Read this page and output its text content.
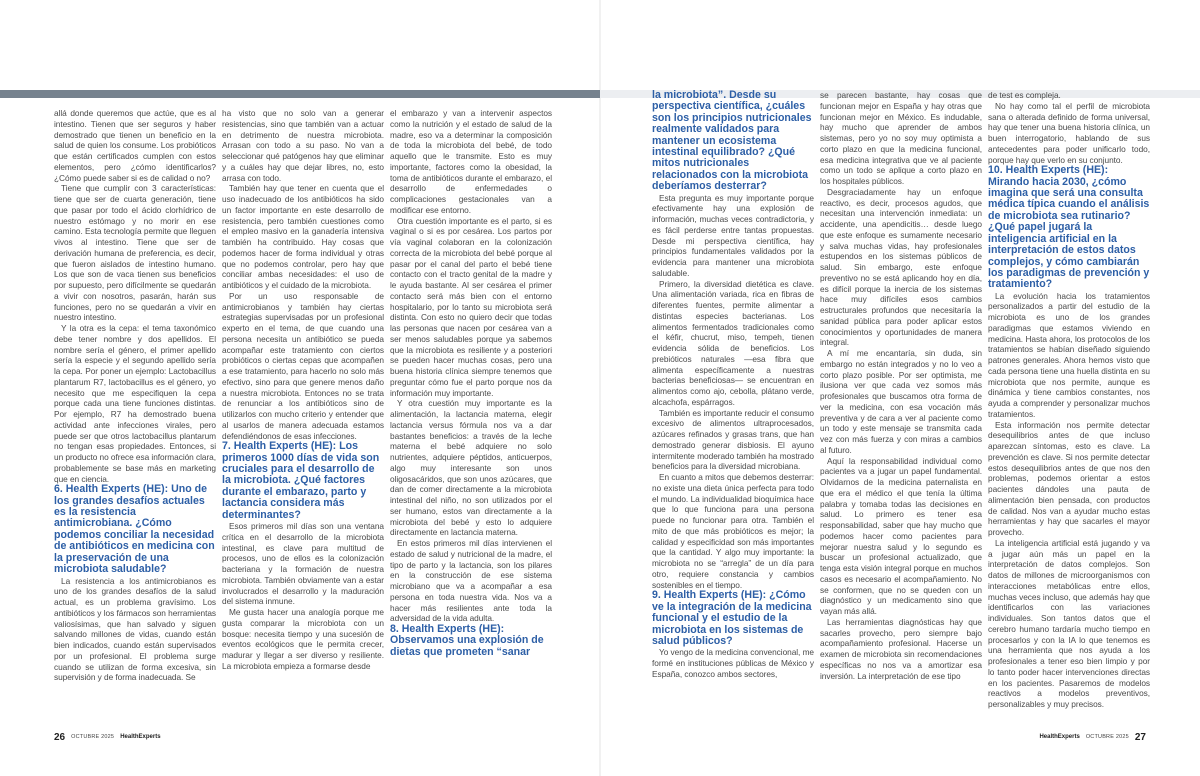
allá donde queremos que actúe, que es al intestino. Tienen que ser seguros y haber demostrado que tienen un beneficio en la salud de quien los consume. Los probióticos que están certificados cumplen con estos elementos, pero ¿cómo identificarlos? ¿Cómo puede saber si es de calidad o no?

Tiene que cumplir con 3 características: tiene que ser de cuarta generación, tiene que pasar por todo el ácido clorhídrico de nuestro estómago y no morir en ese camino. Esta tecnología permite que lleguen vivos al intestino. Tiene que ser de derivación humana de preferencia, es decir, que fueron aislados de intestino humano. Los que son de vaca tienen sus beneficios por supuesto, pero difícilmente se quedarán a vivir con nosotros, pasarán, harán sus funciones, pero no se quedarán a vivir en nuestro intestino.

Y la otra es la cepa: el tema taxonómico debe tener nombre y dos apellidos. El nombre sería el género, el primer apellido sería la especie y el segundo apellido sería la cepa. Por poner un ejemplo: Lactobacillus plantarum R7, lactobacillus es el género, yo necesito que me especifiquen la cepa porque cada una tiene funciones distintas. Por ejemplo, R7 ha demostrado buena actividad ante infecciones virales, pero puede ser que otros lactobacillus plantarum no tengan esas propiedades. Entonces, si un producto no ofrece esa información clara, probablemente se base más en marketing que en ciencia.

6. Health Experts (HE): Uno de los grandes desafíos actuales es la resistencia antimicrobiana. ¿Cómo podemos conciliar la necesidad de antibióticos en medicina con la preservación de una microbiota saludable?

La resistencia a los antimicrobianos es uno de los grandes desafíos de la salud actual, es un problema gravísimo. Los antibióticos y los fármacos son herramientas valiosísimas, que han salvado y siguen salvando millones de vidas, cuando están bien indicados, cuando están supervisados por un profesional. El problema surge cuando se utilizan de forma excesiva, sin supervisión y de forma inadecuada. Se

ha visto que no solo van a generar resistencias, sino que también van a actuar en detrimento de nuestra microbiota. Arrasan con todo a su paso. No van a seleccionar qué patógenos hay que eliminar y a cuáles hay que dejar libres, no, esto arrasa con todo.

También hay que tener en cuenta que el uso inadecuado de los antibióticos ha sido un factor importante en este desarrollo de resistencia, pero también cuestiones como el empleo masivo en la ganadería intensiva también ha contribuido. Hay cosas que podemos hacer de forma individual y otras que no podemos controlar, pero hay que conciliar ambas necesidades: el uso de antibióticos y el cuidado de la microbiota.

Por un uso responsable de antimicrobianos y también hay ciertas estrategias supervisadas por un profesional experto en el tema, de que cuando una persona necesita un antibiótico se pueda acompañar este tratamiento con ciertos probióticos o ciertas cepas que acompañen a ese tratamiento, para hacerlo no solo más efectivo, sino para que genere menos daño a nuestra microbiota. Entonces no se trata de renunciar a los antibióticos sino de utilizarlos con mucho criterio y entender que al usarlos de manera adecuada estamos defendiéndonos de esas infecciones.

7. Health Experts (HE): Los primeros 1000 días de vida son cruciales para el desarrollo de la microbiota. ¿Qué factores durante el embarazo, parto y lactancia considera más determinantes?

Esos primeros mil días son una ventana crítica en el desarrollo de la microbiota intestinal, es clave para multitud de procesos, uno de ellos es la colonización bacteriana y la formación de nuestra microbiota. También obviamente van a estar involucrados el desarrollo y la maduración del sistema inmune.

Me gusta hacer una analogía porque me gusta comparar la microbiota con un bosque: necesita tiempo y una sucesión de eventos ecológicos que le permita crecer, madurar y llegar a ser diverso y resiliente. La microbiota empieza a formarse desde

el embarazo y van a intervenir aspectos como la nutrición y el estado de salud de la madre, eso va a determinar la composición de toda la microbiota del bebé, de todo aquello que le transmite. Esto es muy importante, factores como la obesidad, la toma de antibióticos durante el embarazo, el desarrollo de enfermedades o complicaciones gestacionales van a modificar ese entorno.

Otra cuestión importante es el parto, si es vaginal o si es por cesárea. Los partos por vía vaginal colaboran en la colonización correcta de la microbiota del bebé porque al pasar por el canal del parto el bebé tiene contacto con el tracto genital de la madre y le ayuda bastante. Al ser cesárea el primer contacto será más bien con el entorno hospitalario, por lo tanto su microbiota será distinta. Con esto no quiero decir que todas las personas que nacen por cesárea van a ser menos saludables porque ya sabemos que la microbiota es resiliente y a posteriori se pueden hacer muchas cosas, pero una buena historia clínica siempre tenemos que preguntar cómo fue el parto porque nos da información muy importante.

Y otra cuestión muy importante es la alimentación, la lactancia materna, elegir lactancia versus fórmula nos va a dar bastantes beneficios: a través de la leche materna el bebé adquiere no solo nutrientes, adquiere péptidos, anticuerpos, algo muy interesante son unos oligosacáridos, que son unos azúcares, que dan de comer directamente a la microbiota intestinal del niño, no son utilizados por el ser humano, estos van directamente a la microbiota del bebé y esto lo adquiere directamente en lactancia materna.

En estos primeros mil días intervienen el estado de salud y nutricional de la madre, el tipo de parto y la lactancia, son los pilares en la construcción de ese sistema microbiano que va a acompañar a esa persona en toda nuestra vida. Nos va a hacer más resilientes ante toda la adversidad de la vida adulta.

8. Health Experts (HE): Observamos una explosión de dietas que prometen “sanar
la microbiota”. Desde su perspectiva científica, ¿cuáles son los principios nutricionales realmente validados para mantener un ecosistema intestinal equilibrado? ¿Qué mitos nutricionales relacionados con la microbiota deberíamos desterrar?

Esta pregunta es muy importante porque efectivamente hay una explosión de información, muchas veces contradictoria, y es fácil perderse entre tantas propuestas. Desde mi perspectiva científica, hay principios fundamentales validados por la evidencia para mantener una microbiota saludable.

Primero, la diversidad dietética es clave. Una alimentación variada, rica en fibras de diferentes fuentes, permite alimentar a distintas especies bacterianas. Los alimentos fermentados tradicionales como el kéfir, chucrut, miso, tempeh, tienen evidencia sólida de beneficios. Los prebióticos naturales —esa fibra que alimenta específicamente a nuestras bacterias beneficiosas— se encuentran en alimentos como ajo, cebolla, plátano verde, alcachofa, espárragos.

También es importante reducir el consumo excesivo de alimentos ultraprocesados, azúcares refinados y grasas trans, que han demostrado generar disbiosis. El ayuno intermitente moderado también ha mostrado beneficios para la diversidad microbiana.

En cuanto a mitos que debemos desterrar: no existe una dieta única perfecta para todo el mundo. La individualidad bioquímica hace que lo que funciona para una persona puede no funcionar para otra. También el mito de que más probióticos es mejor; la calidad y especificidad son más importantes que la cantidad. Y algo muy importante: la microbiota no se “arregla” de un día para otro, requiere constancia y cambios sostenibles en el tiempo.

9. Health Experts (HE): ¿Cómo ve la integración de la medicina funcional y el estudio de la microbiota en los sistemas de salud públicos?

Yo vengo de la medicina convencional, me formé en instituciones públicas de México y España, conozco ambos sectores,

se parecen bastante, hay cosas que funcionan mejor en España y hay otras que funcionan mejor en México. Es indudable, hay mucho que aprender de ambos sistemas, pero yo no soy muy optimista a corto plazo en que la medicina funcional, esa medicina integrativa que ve al paciente como un todo se aplique a corto plazo en los hospitales públicos.

Desgraciadamente hay un enfoque reactivo, es decir, procesos agudos, que necesitan una intervención inmediata: un accidente, una apendicitis… desde luego que este enfoque es sumamente necesario y salva muchas vidas, hay profesionales estupendos en los sistemas públicos de salud. Sin embargo, este enfoque preventivo no se está aplicando hoy en día, es difícil porque la inercia de los sistemas hace muy difíciles esos cambios estructurales profundos que necesitaría la sanidad pública para poder aplicar estos conocimientos y oportunidades de manera integral.

A mí me encantaría, sin duda, sin embargo no están integrados y no lo veo a corto plazo posible. Por ser optimista, me ilusiona ver que cada vez somos más profesionales que buscamos otra forma de ver la medicina, con esa vocación más preventiva y de cara a ver al paciente como un todo y este mensaje se transmita cada vez con más fuerza y con miras a cambios al futuro.

Aquí la responsabilidad individual como pacientes va a jugar un papel fundamental. Olvidarnos de la medicina paternalista en que era el médico el que tenía la última palabra y tomaba todas las decisiones en salud. Lo primero es tener esa responsabilidad, saber que hay mucho que podemos hacer como pacientes para mejorar nuestra salud y lo segundo es buscar un profesional actualizado, que tenga esta visión integral porque en muchos casos es necesario el acompañamiento. No se conformen, que no se queden con un diagnóstico y un medicamento sino que vayan más allá.

Las herramientas diagnósticas hay que sacarles provecho, pero siempre bajo acompañamiento profesional. Hacerse un examen de microbiota sin recomendaciones específicas no nos va a amortizar esa inversión. La interpretación de ese tipo

de test es compleja.

No hay como tal el perfil de microbiota sana o alterada definido de forma universal, hay que tener una buena historia clínica, un buen interrogatorio, hablando de sus antecedentes para poder unificarlo todo, porque hay que verlo en su conjunto.

10. Health Experts (HE): Mirando hacia 2030, ¿cómo imagina que será una consulta médica típica cuando el análisis de microbiota sea rutinario? ¿Qué papel jugará la inteligencia artificial en la interpretación de estos datos complejos, y cómo cambiarán los paradigmas de prevención y tratamiento?

La evolución hacia los tratamientos personalizados a partir del estudio de la microbiota es uno de los grandes paradigmas que estamos viviendo en medicina. Hasta ahora, los protocolos de los tratamientos se habían diseñado siguiendo patrones generales. Ahora hemos visto que cada persona tiene una huella distinta en su microbiota que nos permite, aunque es dinámica y tiene cambios constantes, nos ayuda a comprender y personalizar muchos tratamientos.

Esta información nos permite detectar desequilibrios antes de que incluso aparezcan síntomas, esto es clave. La prevención es clave. Si nos permite detectar estos desequilibrios antes de que nos den problemas, podemos orientar a estos pacientes dándoles una pauta de alimentación bien pensada, con productos de calidad. Nos van a ayudar mucho estas herramientas y hay que sacarles el mayor provecho.

La inteligencia artificial está jugando y va a jugar aún más un papel en la interpretación de datos complejos. Son datos de millones de microorganismos con interacciones metabólicas entre ellos, muchas veces incluso, que además hay que identificarlos con las variaciones individuales. Son tantos datos que el cerebro humano tardaría mucho tiempo en procesarlos y con la IA lo que tenemos es una herramienta que nos ayuda a los profesionales a tener eso bien limpio y por lo tanto poder hacer intervenciones directas en los pacientes. Pasaremos de modelos reactivos a modelos preventivos, personalizables y muy precisos.

26 OCTUBRE 2025 HealthExperts	HealthExperts OCTUBRE 2025 27
